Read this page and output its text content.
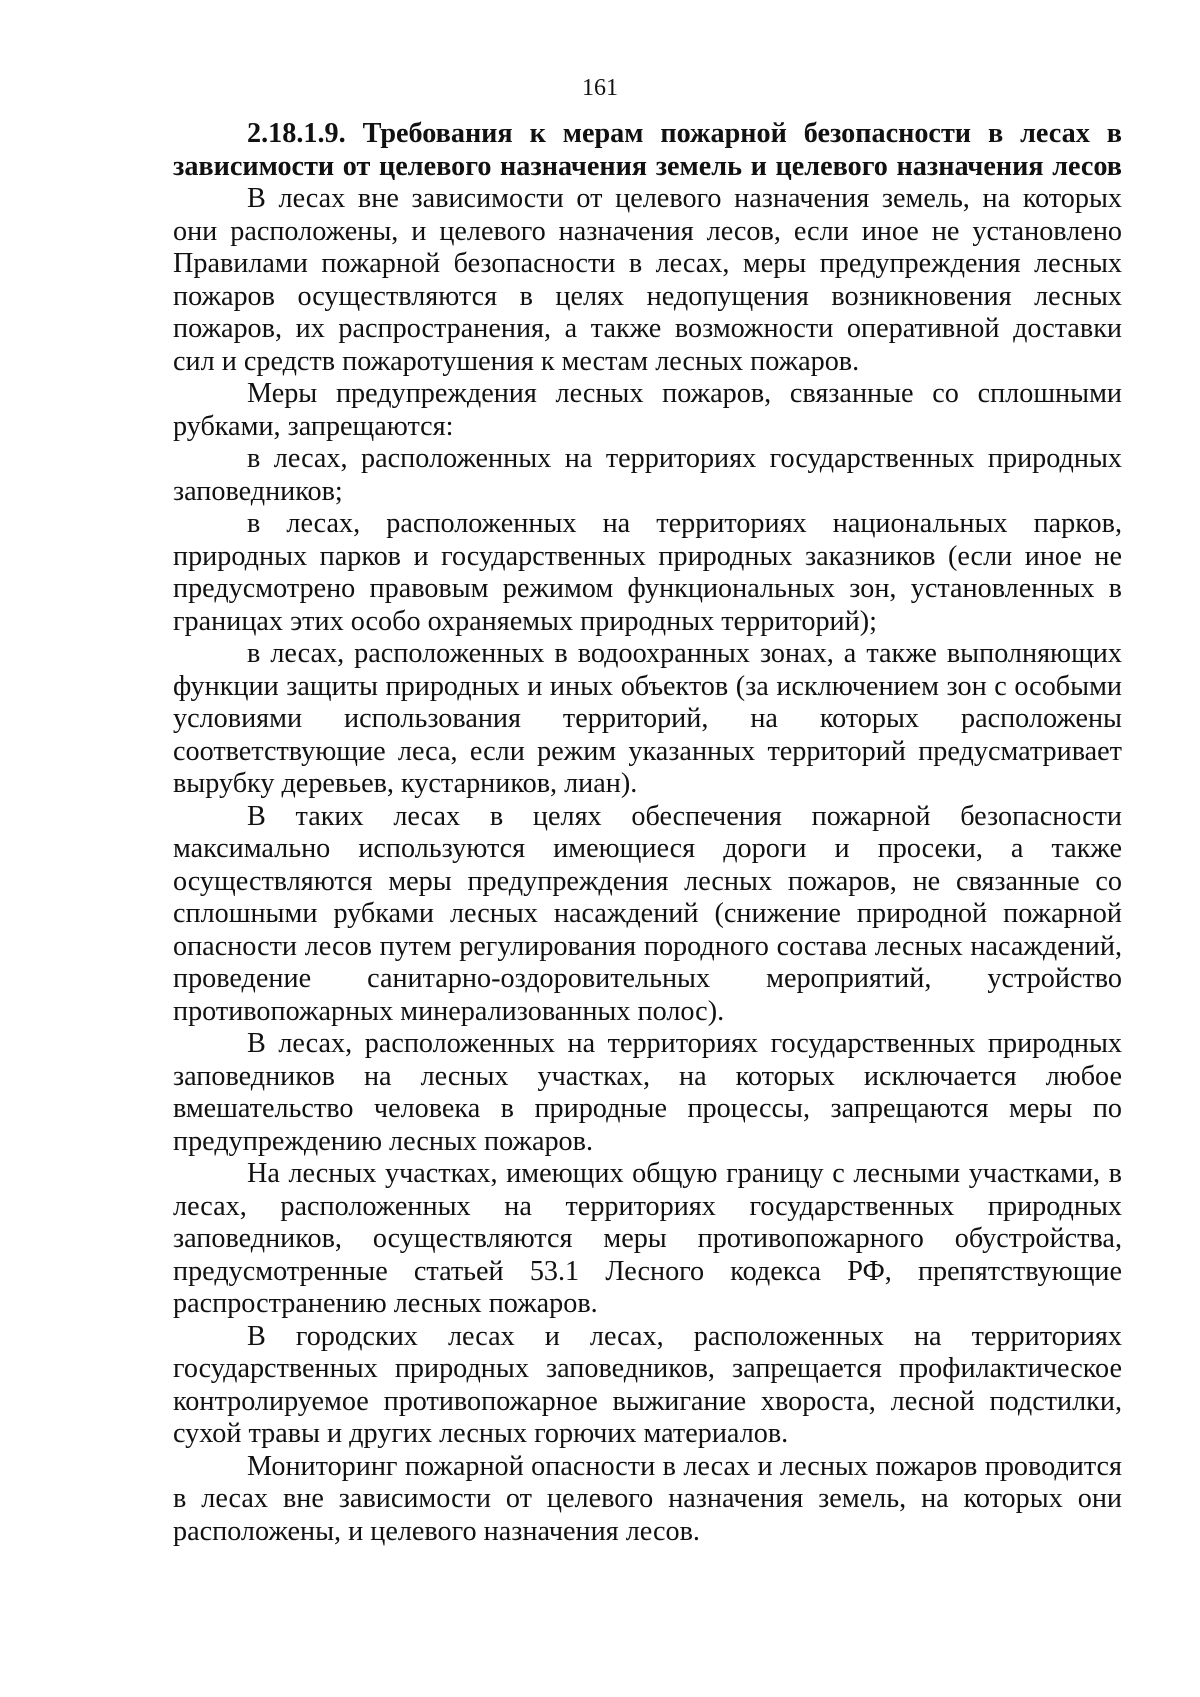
161
2.18.1.9. Требования к мерам пожарной безопасности в лесах в
зависимости от целевого назначения земель и целевого назначения лесов

В лесах вне зависимости от целевого назначения земель, на которых они расположены, и целевого назначения лесов, если иное не установлено Правилами пожарной безопасности в лесах, меры предупреждения лесных пожаров осуществляются в целях недопущения возникновения лесных пожаров, их распространения, а также возможности оперативной доставки сил и средств пожаротушения к местам лесных пожаров.

Меры предупреждения лесных пожаров, связанные со сплошными рубками, запрещаются:

в лесах, расположенных на территориях государственных природных заповедников;

в лесах, расположенных на территориях национальных парков, природных парков и государственных природных заказников (если иное не предусмотрено правовым режимом функциональных зон, установленных в границах этих особо охраняемых природных территорий);

в лесах, расположенных в водоохранных зонах, а также выполняющих функции защиты природных и иных объектов (за исключением зон с особыми условиями использования территорий, на которых расположены соответствующие леса, если режим указанных территорий предусматривает вырубку деревьев, кустарников, лиан).

В таких лесах в целях обеспечения пожарной безопасности максимально используются имеющиеся дороги и просеки, а также осуществляются меры предупреждения лесных пожаров, не связанные со сплошными рубками лесных насаждений (снижение природной пожарной опасности лесов путем регулирования породного состава лесных насаждений, проведение санитарно-оздоровительных мероприятий, устройство противопожарных минерализованных полос).

В лесах, расположенных на территориях государственных природных заповедников на лесных участках, на которых исключается любое вмешательство человека в природные процессы, запрещаются меры по предупреждению лесных пожаров.

На лесных участках, имеющих общую границу с лесными участками, в лесах, расположенных на территориях государственных природных заповедников, осуществляются меры противопожарного обустройства, предусмотренные статьей 53.1 Лесного кодекса РФ, препятствующие распространению лесных пожаров.

В городских лесах и лесах, расположенных на территориях государственных природных заповедников, запрещается профилактическое контролируемое противопожарное выжигание хвороста, лесной подстилки, сухой травы и других лесных горючих материалов.

Мониторинг пожарной опасности в лесах и лесных пожаров проводится в лесах вне зависимости от целевого назначения земель, на которых они расположены, и целевого назначения лесов.
